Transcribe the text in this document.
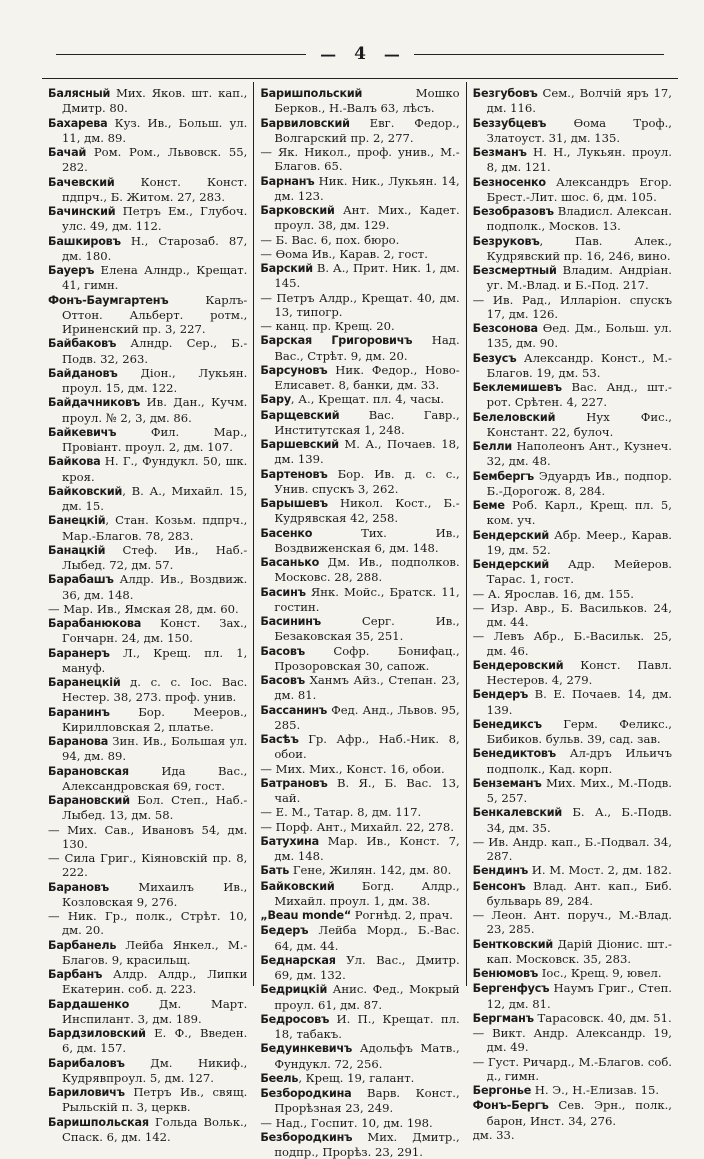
— 4 —

Балясный Мих. Яков. шт. кап., Дмитр. 80.

Бахарева Куз. Ив., Больш. ул. 11, дм. 89.

Бачай Ром. Ром., Львовск. 55, 282.

Бачевский Конст. Конст. пдпрч., Б. Житом. 27, 283.

Бачинский Петръ Ем., Глубоч. улс. 49, дм. 112.

Башкировъ Н., Старозаб. 87, дм. 180.

Бауеръ Елена Алндр., Крещат. 41, гимн.

Фонъ-Баумгартенъ Карлъ-Оттон. Альберт. ротм., Иринeнский пр. 3, 227.

Байбаковъ Алндр. Сер., Б.-Подв. 32, 263.

Байдановъ Діон., Лукьян. проул. 15, дм. 122.

Байдачниковъ Ив. Дан., Кучм. проул. № 2, 3, дм. 86.

Байкевичъ Фил. Мар., Провіант. проул. 2, дм. 107.

Байкова Н. Г., Фундукл. 50, шк. кроя.

Байковский, В. А., Михайл. 15, дм. 15.

Банецкій, Стан. Козьм. пдпрч., Мар.-Благов. 78, 283.

Банацкій Стеф. Ив., Наб.-Лыбед. 72, дм. 57.

Барабашъ Алдр. Ив., Воздвиж. 36, дм. 148.

— Мар. Ив., Ямская 28, дм. 60.

Барабанюкова Конст. Зах., Гончарн. 24, дм. 150.

Баранеръ Л., Крещ. пл. 1, мануф.

Баранецкій д. с. с. Іос. Вас. Нестер. 38, 273. проф. унив.

Баранинъ Бор. Мееров., Кирилловская 2, платье.

Баранова Зин. Ив., Большая ул. 94, дм. 89.

Барановская Ида Вас., Александровская 69, гост.

Барановский Бол. Степ., Наб.-Лыбед. 13, дм. 58.

— Мих. Сав., Ивановъ 54, дм. 130.

— Сила Григ., Кіяновскій пр. 8, 222.

Барановъ Михаилъ Ив., Козловская 9, 276.

— Ник. Гр., полк., Стрѣт. 10, дм. 20.

Барбанель Лейба Янкел., М.-Благов. 9, красильщ.

Барбанъ Алдр. Алдр., Липки Екатерин. соб. д. 223.

Бардашенко Дм. Март. Инспилант. 3, дм. 189.

Бардзиловский Е. Ф., Введен. 6, дм. 157.

Барибаловъ Дм. Никиф., Кудрявпроул. 5, дм. 127.

Бариловичъ Петръ Ив., свящ. Рыльскій п. 3, церкв.

Баришпольская Гольда Вольк., Спаск. 6, дм. 142.

Баришпольский Мошко Берков., Н.-Валъ 63, лѣсъ.

Барвиловский Евг. Федор., Волгарский пр. 2, 277.

— Як. Никол., проф. унив., М.-Благов. 65.

Барнанъ Ник. Ник., Лукьян. 14, дм. 123.

Барковский Ант. Мих., Кадет. проул. 38, дм. 129.

— Б. Вас. 6, пох. бюро.

— Ѳома Ив., Карав. 2, гост.

Барский В. А., Прит. Ник. 1, дм. 145.

— Петръ Алдр., Крещат. 40, дм. 13, типогр.

— канц. пр. Крещ. 20.

Барская Григоровичъ Над. Вас., Стрѣт. 9, дм. 20.

Барсуновъ Ник. Федор., Ново-Елисавет. 8, банки, дм. 33.

Бару, А., Крещат. пл. 4, часы.

Барщевский Вас. Гавр., Институтская 1, 248.

Баршевский М. А., Почаев. 18, дм. 139.

Бартеновъ Бор. Ив. д. с. с., Унив. спускъ 3, 262.

Барышевъ Никол. Кост., Б.-Кудрявская 42, 258.

Басенко Тих. Ив., Воздвиженская 6, дм. 148.

Басанько Дм. Ив., подполков. Московс. 28, 288.

Басинъ Янк. Мойс., Братск. 11, гостин.

Басининъ Серг. Ив., Безаковская 35, 251.

Басовъ Софр. Бонифац., Прозоровская 30, сапож.

Басовъ Ханмъ Айз., Степан. 23, дм. 81.

Бассанинъ Фед. Анд., Львов. 95, 285.

Басѣъ Гр. Афр., Наб.-Ник. 8, обои.

— Мих. Мих., Конст. 16, обои.

Батрановъ В. Я., Б. Вас. 13, чай.

— Е. М., Татар. 8, дм. 117.

— Порф. Ант., Михайл. 22, 278.

Батухина Мар. Ив., Конст. 7, дм. 148.

Бать Гене, Жилян. 142, дм. 80.

Байковский Богд. Алдр., Михайл. проул. 1, дм. 38.

„Beau monde“ Рогнѣд. 2, прач.

Бедеръ Лейба Морд., Б.-Вас. 64, дм. 44.

Беднарская Ул. Вас., Дмитр. 69, дм. 132.

Бедрицкій Анис. Фед., Мокрый проул. 61, дм. 87.

Бедросовъ И. П., Крещат. пл. 18, табакъ.

Бедуинкевичъ Адольфъ Матв., Фундукл. 72, 256.

Беель, Крещ. 19, галант.

Безбородкина Варв. Конст., Прорѣзная 23, 249.

— Над., Госпит. 10, дм. 198.

Безбородкинъ Мих. Дмитр., подпр., Прорѣз. 23, 291.

Безгубовъ Сем., Волчій яръ 17, дм. 116.

Беззубцевъ Ѳома Троф., Златоуст. 31, дм. 135.

Безманъ Н. Н., Лукьян. проул. 8, дм. 121.

Безносенко Александръ Егор. Брест.-Лит. шос. 6, дм. 105.

Безобразовъ Владисл. Алексан. подполк., Москов. 13.

Безруковъ, Пав. Алек., Кудрявский пр. 16, 246, вино.

Безсмертный Владим. Андріан. уг. М.-Влад. и Б.-Под. 217.

— Ив. Рад., Илларіон. спускъ 17, дм. 126.

Безсонова Ѳед. Дм., Больш. ул. 135, дм. 90.

Безусъ Александр. Конст., М.-Благов. 19, дм. 53.

Беклемишевъ Вас. Анд., шт.-рот. Срѣтен. 4, 227.

Белеловский Нух Фис., Констант. 22, булоч.

Белли Наполеонъ Ант., Кузнеч. 32, дм. 48.

Бембергъ Эдуардъ Ив., подпор. Б.-Дорогож. 8, 284.

Беме Роб. Карл., Крещ. пл. 5, ком. уч.

Бендерский Абр. Меер., Карав. 19, дм. 52.

Бендерский Адр. Мейеров. Тарас. 1, гост.

— А. Ярослав. 16, дм. 155.

— Изр. Авр., Б. Васильков. 24, дм. 44.

— Левъ Абр., Б.-Васильк. 25, дм. 46.

Бендеровский Конст. Павл. Нестеров. 4, 279.

Бендеръ В. Е. Почаев. 14, дм. 139.

Бенедиксъ Герм. Феликс., Бибиков. бульв. 39, сад. зав.

Бенедиктовъ Ал-дръ Ильичъ подполк., Кад. корп.

Бенземанъ Мих. Мих., М.-Подв. 5, 257.

Бенкалевский Б. А., Б.-Подв. 34, дм. 35.

— Ив. Андр. кап., Б.-Подвал. 34, 287.

Бендинъ И. М. Мост. 2, дм. 182.

Бенсонъ Влад. Ант. кап., Биб. бульварь 89, 284.

— Леон. Ант. поруч., М.-Влад. 23, 285.

Бентковский Дарій Діонис. шт.-кап. Московск. 35, 283.

Бенюмовъ Іос., Крещ. 9, ювел.

Бергенфусъ Наумъ Григ., Степ. 12, дм. 81.

Бергманъ Тарасовск. 40, дм. 51.

— Викт. Андр. Александр. 19, дм. 49.

— Густ. Ричард., М.-Благов. соб. д., гимн.

Бергонье Н. Э., Н.-Елизав. 15.

Фонъ-Бергъ Сев. Эрн., полк., барон, Инст. 34, 276.

дм. 33.
